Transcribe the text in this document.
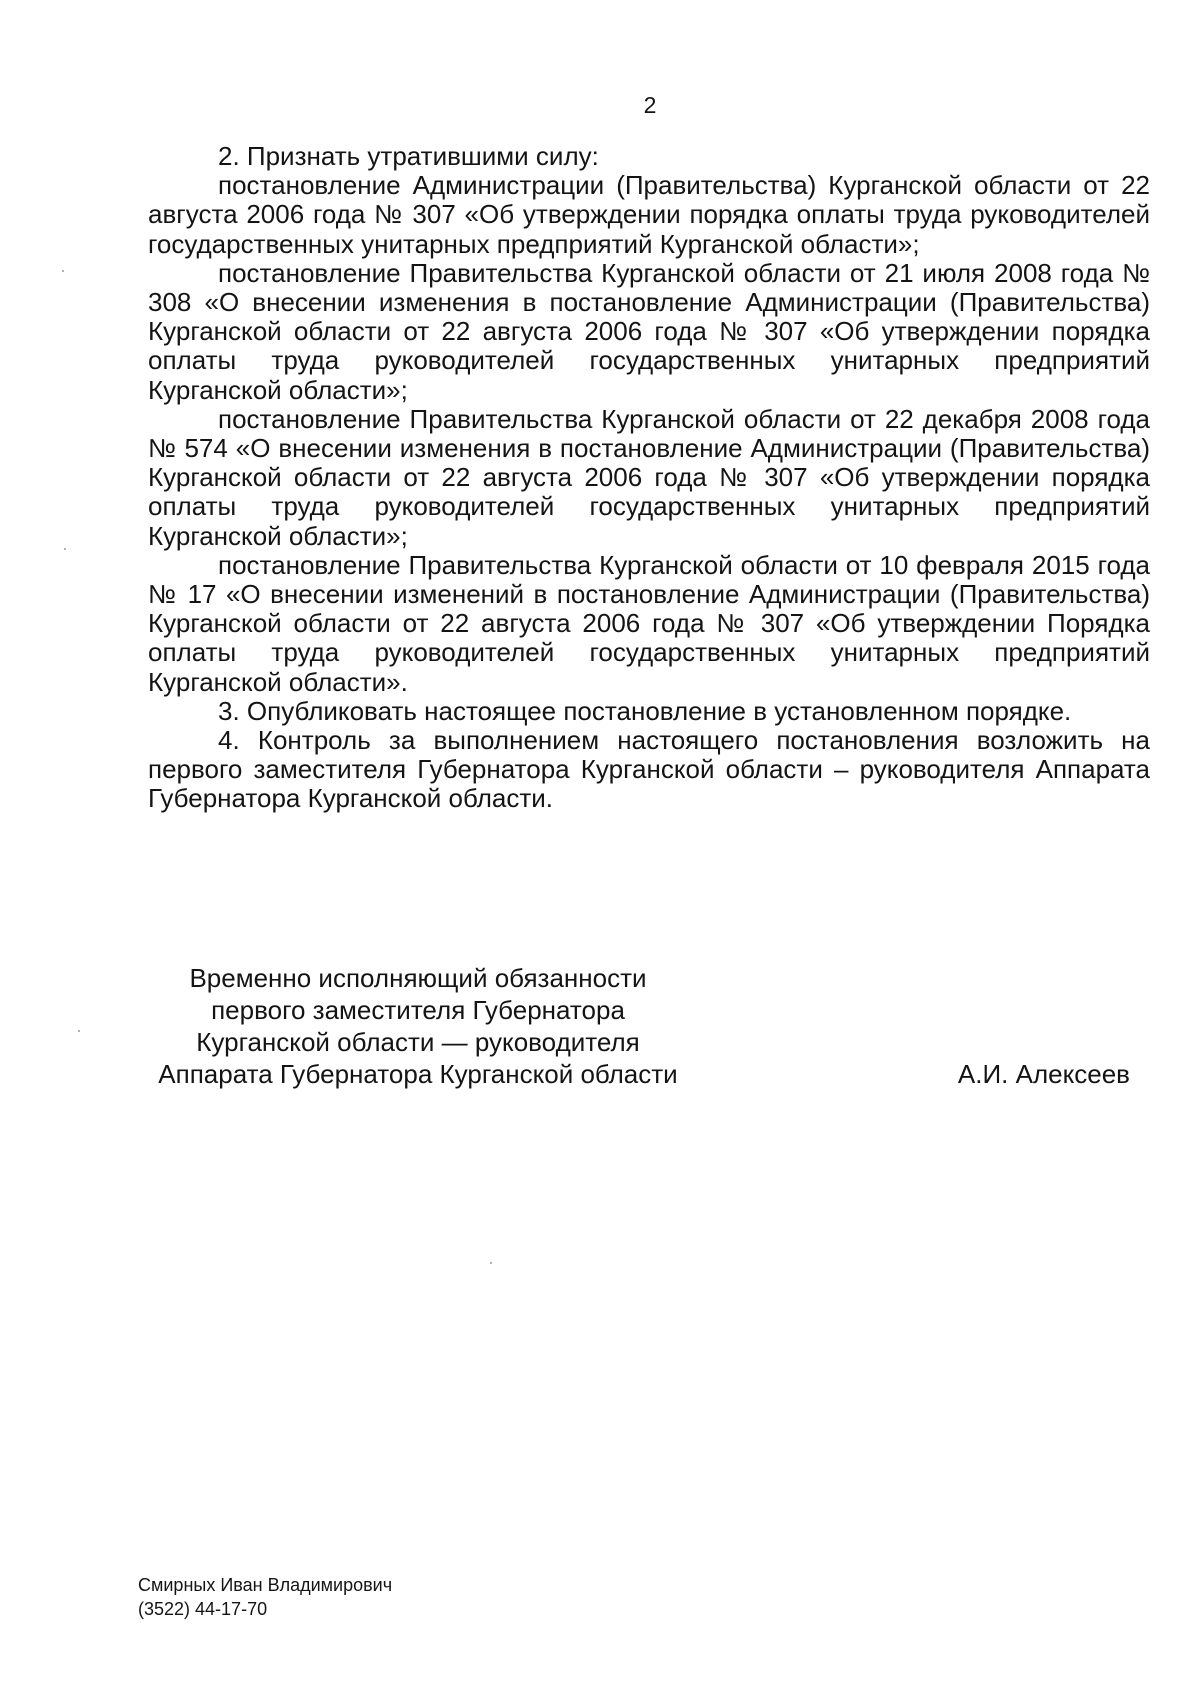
2

2. Признать утратившими силу:

постановление Администрации (Правительства) Курганской области от 22 августа 2006 года № 307 «Об утверждении порядка оплаты труда руководителей государственных унитарных предприятий Курганской области»;

постановление Правительства Курганской области от 21 июля 2008 года № 308 «О внесении изменения в постановление Администрации (Правительства) Курганской области от 22 августа 2006 года № 307 «Об утверждении порядка оплаты труда руководителей государственных унитарных предприятий Курганской области»;

постановление Правительства Курганской области от 22 декабря 2008 года № 574 «О внесении изменения в постановление Администрации (Правительства) Курганской области от 22 августа 2006 года № 307 «Об утверждении порядка оплаты труда руководителей государственных унитарных предприятий Курганской области»;

постановление Правительства Курганской области от 10 февраля 2015 года № 17 «О внесении изменений в постановление Администрации (Правительства) Курганской области от 22 августа 2006 года № 307 «Об утверждении Порядка оплаты труда руководителей государственных унитарных предприятий Курганской области».

3. Опубликовать настоящее постановление в установленном порядке.

4. Контроль за выполнением настоящего постановления возложить на первого заместителя Губернатора Курганской области – руководителя Аппарата Губернатора Курганской области.

Временно исполняющий обязанности
первого заместителя Губернатора
Курганской области — руководителя
Аппарата Губернатора Курганской области	А.И. Алексеев
Смирных Иван Владимирович
(3522) 44-17-70
